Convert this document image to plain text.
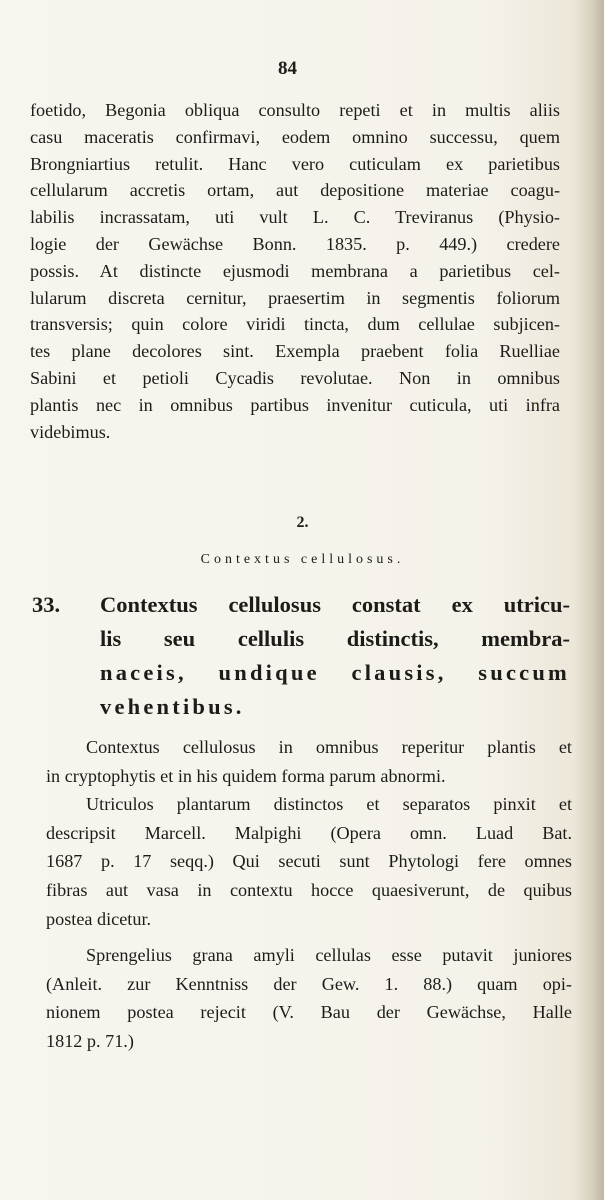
84
foetido, Begonia obliqua consulto repeti et in multis aliis
casu maceratis confirmavi, eodem omnino successu, quem
Brongniartius retulit. Hanc vero cuticulam ex parietibus
cellularum accretis ortam, aut depositione materiae coagu-
labilis incrassatam, uti vult L. C. Treviranus (Physio-
logie der Gewächse Bonn. 1835. p. 449.) credere
possis. At distincte ejusmodi membrana a parietibus cel-
lularum discreta cernitur, praesertim in segmentis foliorum
transversis; quin colore viridi tincta, dum cellulae subjicen-
tes plane decolores sint. Exempla praebent folia Ruelliae
Sabini et petioli Cycadis revolutae. Non in omnibus
plantis nec in omnibus partibus invenitur cuticula, uti infra
videbimus.
2.
Contextus cellulosus.
33. Contextus cellulosus constat ex utricu-
lis seu cellulis distinctis, membra-
naceis, undique clausis, succum
vehentibus.
Contextus cellulosus in omnibus reperitur plantis et
in cryptophytis et in his quidem forma parum abnormi.
Utriculos plantarum distinctos et separatos pinxit et
descripsit Marcell. Malpighi (Opera omn. Luad Bat.
1687 p. 17 seqq.) Qui secuti sunt Phytologi fere omnes
fibras aut vasa in contextu hocce quaesiverunt, de quibus
postea dicetur.
Sprengelius grana amyli cellulas esse putavit juniores
(Anleit. zur Kenntniss der Gew. 1. 88.) quam opi-
nionem postea rejecit (V. Bau der Gewächse, Halle
1812 p. 71.)
